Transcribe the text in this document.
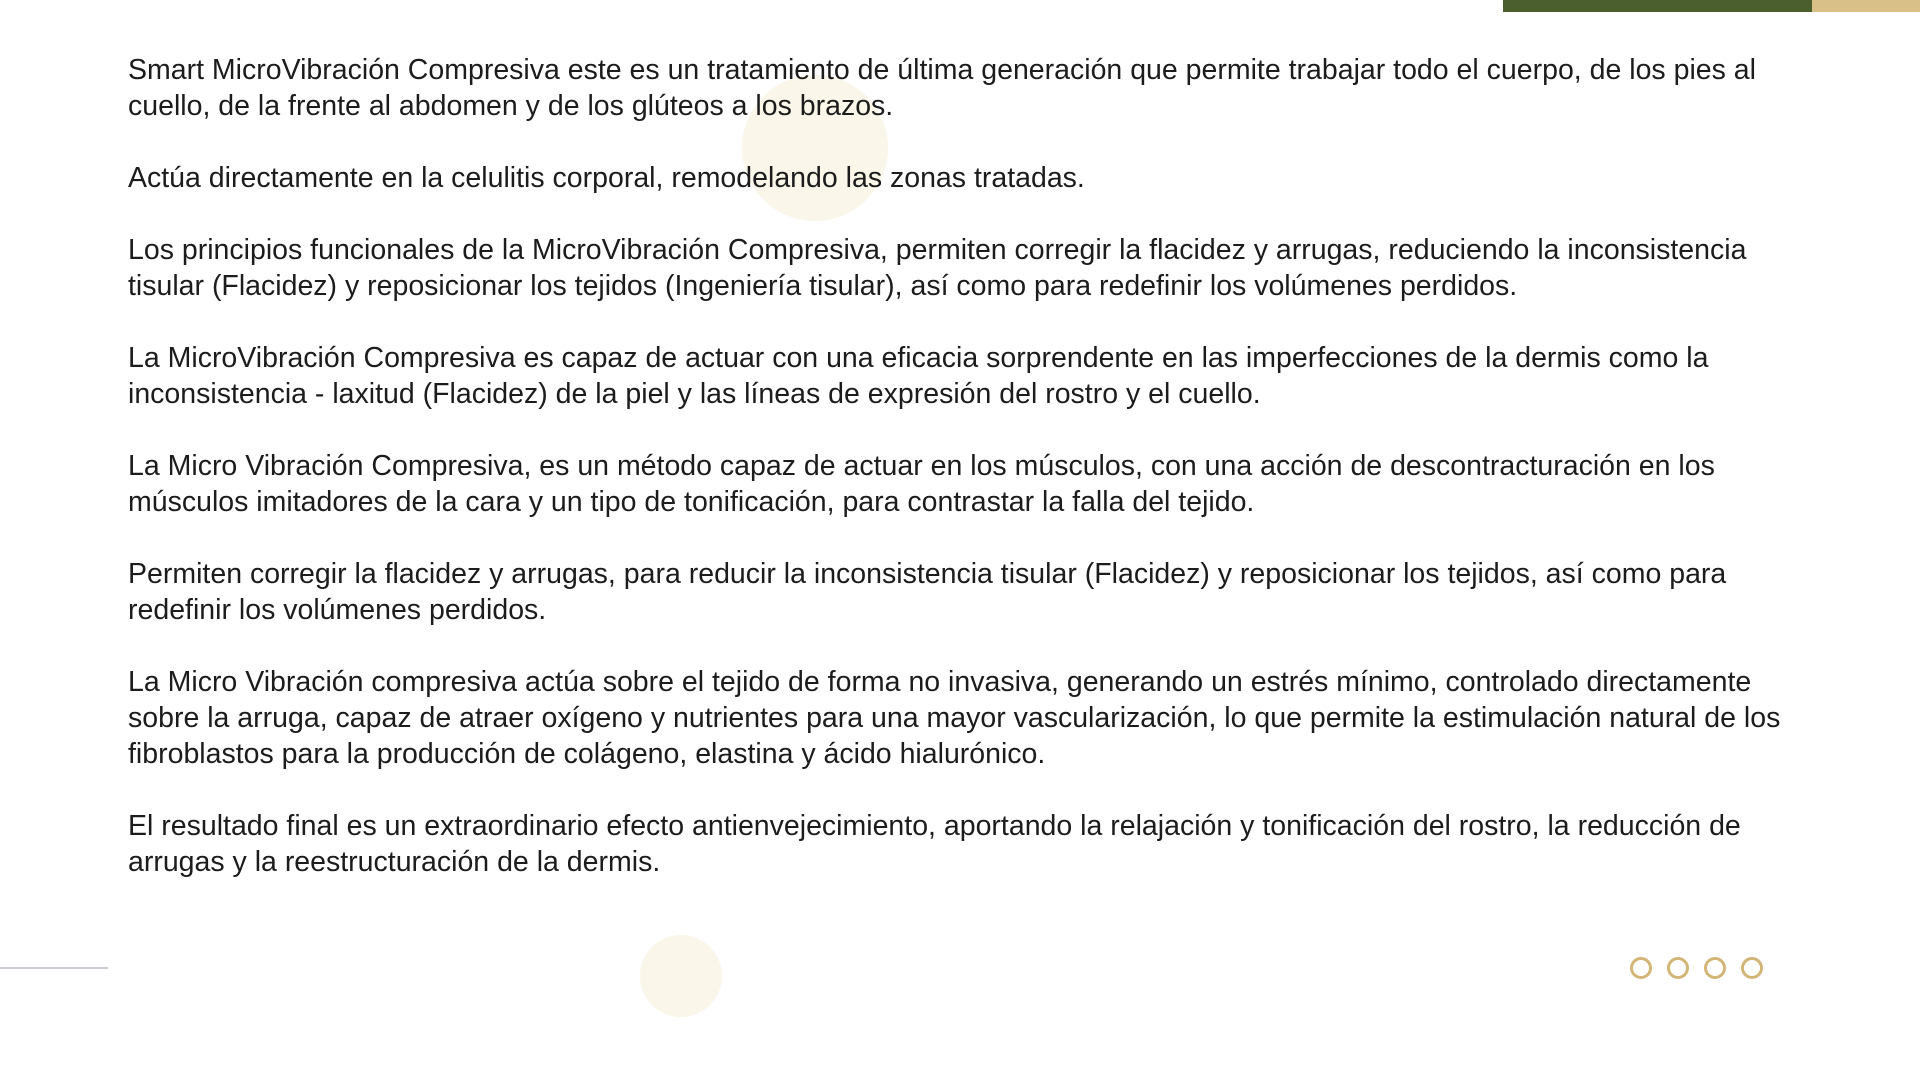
Smart MicroVibración Compresiva este es un tratamiento de última generación que permite trabajar todo el cuerpo, de los pies al cuello, de la frente al abdomen y de los glúteos a los brazos.

Actúa directamente en la celulitis corporal, remodelando las zonas tratadas.

Los principios funcionales de la MicroVibración Compresiva, permiten corregir la flacidez y arrugas, reduciendo la inconsistencia tisular (Flacidez) y reposicionar los tejidos (Ingeniería tisular), así como para redefinir los volúmenes perdidos.

La MicroVibración Compresiva es capaz de actuar con una eficacia sorprendente en las imperfecciones de la dermis como la inconsistencia - laxitud (Flacidez) de la piel y las líneas de expresión del rostro y el cuello.

La Micro Vibración Compresiva, es un método capaz de actuar en los músculos, con una acción de descontracturación en los músculos imitadores de la cara y un tipo de tonificación, para contrastar la falla del tejido.

Permiten corregir la flacidez y arrugas, para reducir la inconsistencia tisular (Flacidez) y reposicionar los tejidos, así como para redefinir los volúmenes perdidos.

La Micro Vibración compresiva actúa sobre el tejido de forma no invasiva, generando un estrés mínimo, controlado directamente sobre la arruga, capaz de atraer oxígeno y nutrientes para una mayor vascularización, lo que permite la estimulación natural de los fibroblastos para la producción de colágeno, elastina y ácido hialurónico.

El resultado final es un extraordinario efecto antienvejecimiento, aportando la relajación y tonificación del rostro, la reducción de arrugas y la reestructuración de la dermis.
